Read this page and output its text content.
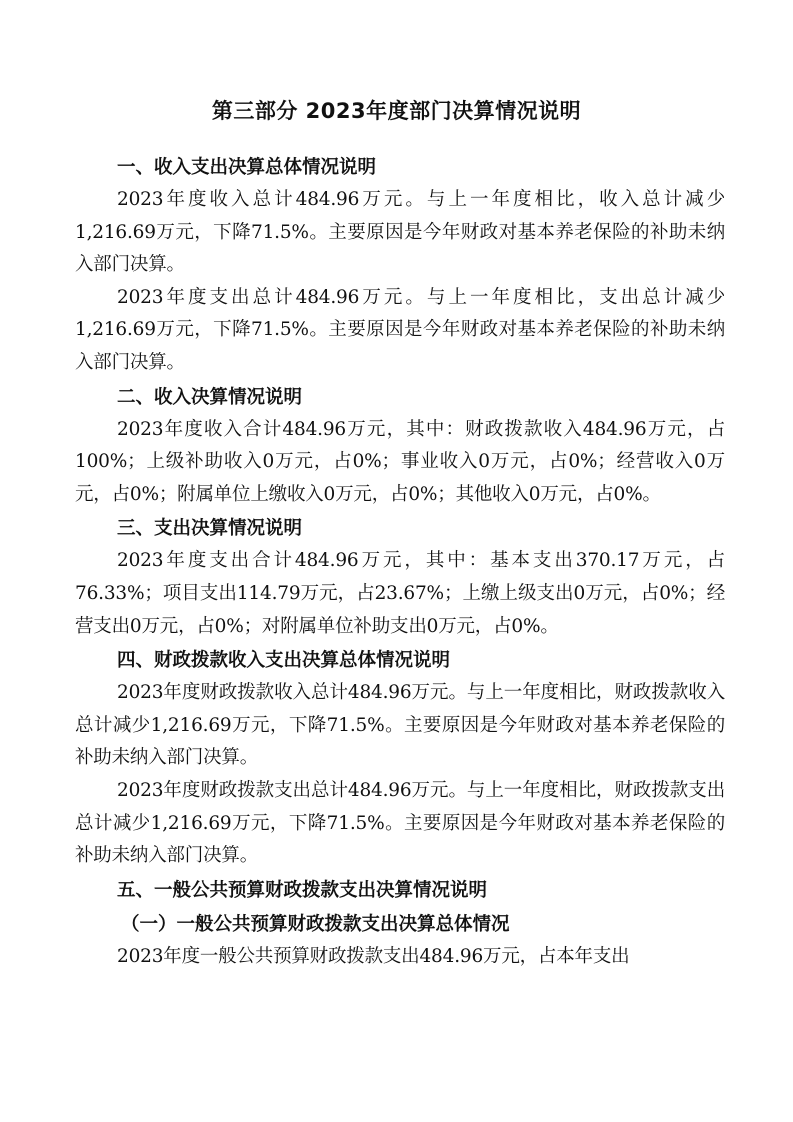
第三部分 2023年度部门决算情况说明
一、收入支出决算总体情况说明

2023年度收入总计484.96万元。与上一年度相比，收入总计减少1,216.69万元，下降71.5%。主要原因是今年财政对基本养老保险的补助未纳入部门决算。

2023年度支出总计484.96万元。与上一年度相比，支出总计减少1,216.69万元，下降71.5%。主要原因是今年财政对基本养老保险的补助未纳入部门决算。

二、收入决算情况说明

2023年度收入合计484.96万元，其中：财政拨款收入484.96万元，占100%；上级补助收入0万元，占0%；事业收入0万元，占0%；经营收入0万元，占0%；附属单位上缴收入0万元，占0%；其他收入0万元，占0%。

三、支出决算情况说明

2023年度支出合计484.96万元，其中：基本支出370.17万元，占76.33%；项目支出114.79万元，占23.67%；上缴上级支出0万元，占0%；经营支出0万元，占0%；对附属单位补助支出0万元，占0%。

四、财政拨款收入支出决算总体情况说明

2023年度财政拨款收入总计484.96万元。与上一年度相比，财政拨款收入总计减少1,216.69万元，下降71.5%。主要原因是今年财政对基本养老保险的补助未纳入部门决算。

2023年度财政拨款支出总计484.96万元。与上一年度相比，财政拨款支出总计减少1,216.69万元，下降71.5%。主要原因是今年财政对基本养老保险的补助未纳入部门决算。

五、一般公共预算财政拨款支出决算情况说明
（一）一般公共预算财政拨款支出决算总体情况

2023年度一般公共预算财政拨款支出484.96万元，占本年支出
